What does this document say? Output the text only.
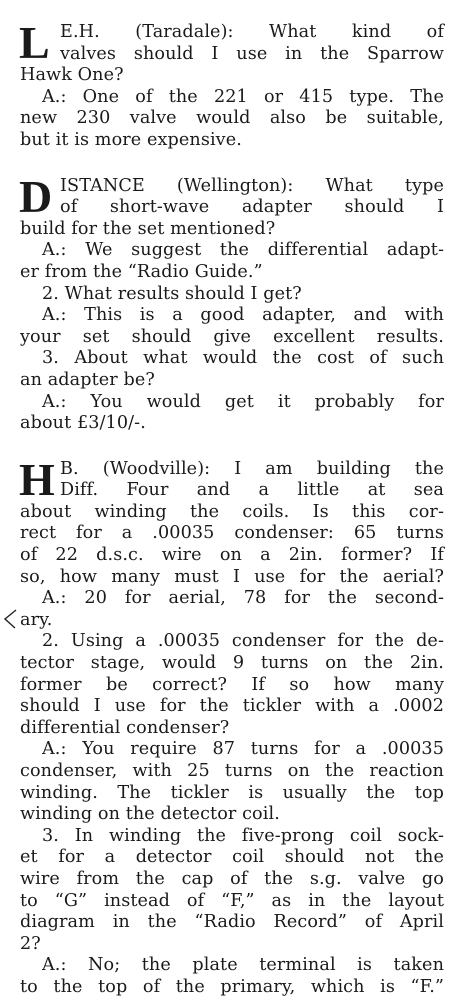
L E.H. (Taradale): What kind of
valves should I use in the Sparrow
Hawk One?
A.: One of the 221 or 415 type. The
new 230 valve would also be suitable,
but it is more expensive.
D ISTANCE (Wellington): What type
of short-wave adapter should I
build for the set mentioned?
A.: We suggest the differential adapt-
er from the “Radio Guide.”
2. What results should I get?
A.: This is a good adapter, and with
your set should give excellent results.
3. About what would the cost of such
an adapter be?
A.: You would get it probably for
about £3/10/-.
H B. (Woodville): I am building the
Diff. Four and a little at sea
about winding the coils. Is this cor-
rect for a .00035 condenser: 65 turns
of 22 d.s.c. wire on a 2in. former? If
so, how many must I use for the aerial?
A.: 20 for aerial, 78 for the second-
ary.
2. Using a .00035 condenser for the de-
tector stage, would 9 turns on the 2in.
former be correct? If so how many
should I use for the tickler with a .0002
differential condenser?
A.: You require 87 turns for a .00035
condenser, with 25 turns on the reaction
winding. The tickler is usually the top
winding on the detector coil.
3. In winding the five-prong coil sock-
et for a detector coil should not the
wire from the cap of the s.g. valve go
to “G” instead of “F,” as in the layout
diagram in the “Radio Record” of April
2?
A.: No; the plate terminal is taken
to the top of the primary, which is “F.”
